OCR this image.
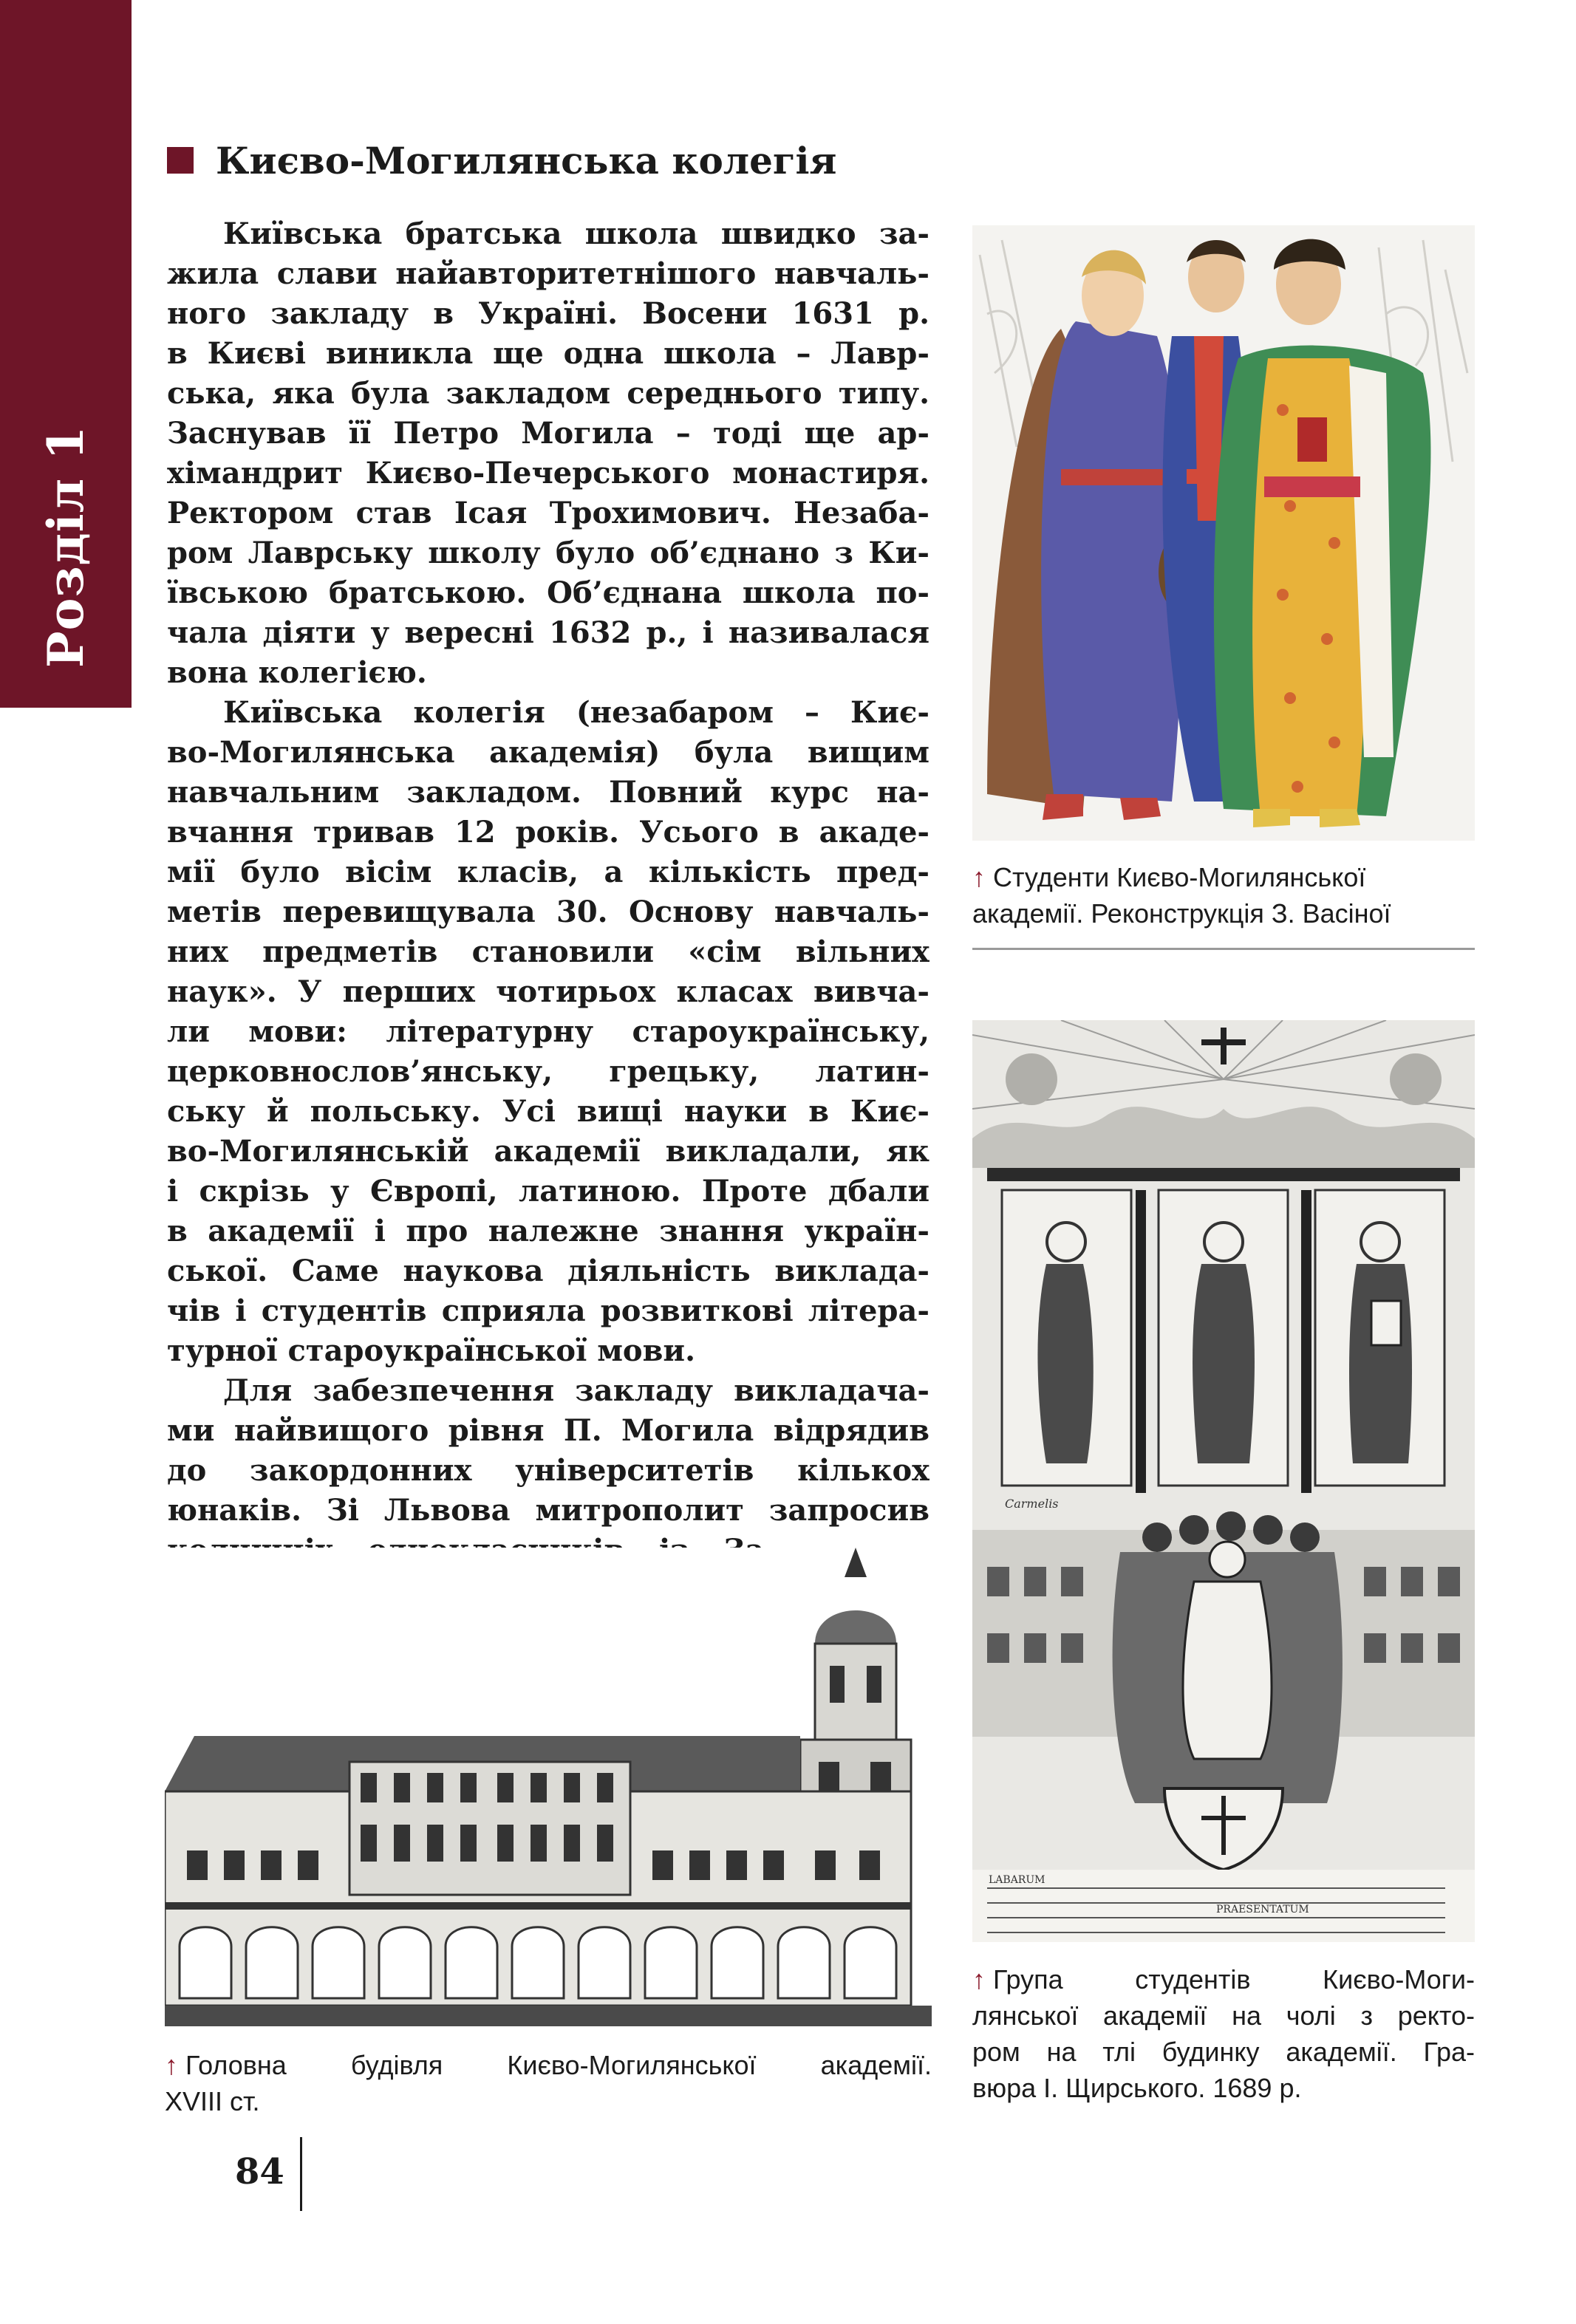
Розділ 1
Києво-Могилянська колегія
Київська братська школа швидко за-
жила слави найавторитетнішого навчаль-
ного закладу в Україні. Восени 1631 р.
в Києві виникла ще одна школа – Лавр-
ська, яка була закладом середнього типу.
Заснував її Петро Могила – тоді ще ар-
хімандрит Києво-Печерського монастиря.
Ректором став Ісая Трохимович. Незаба-
ром Лаврську школу було об’єднано з Ки-
ївською братською. Об’єднана школа по-
чала діяти у вересні 1632 р., і називалася
вона колегією.
Київська колегія (незабаром – Киє-
во-Могилянська академія) була вищим
навчальним закладом. Повний курс на-
вчання тривав 12 років. Усього в акаде-
мії було вісім класів, а кількість пред-
метів перевищувала 30. Основу навчаль-
них предметів становили «сім вільних
наук». У перших чотирьох класах вивча-
ли мови: літературну староукраїнську,
церковнослов’янську, грецьку, латин-
ську й польську. Усі вищі науки в Киє-
во-Могилянській академії викладали, як
і скрізь у Європі, латиною. Проте дбали
в академії і про належне знання україн-
ської. Саме наукова діяльність виклада-
чів і студентів сприяла розвиткові літера-
турної староукраїнської мови.
Для забезпечення закладу викладача-
ми найвищого рівня П. Могила відрядив
до закордонних університетів кількох
юнаків. Зі Львова митрополит запросив
↑ Студенти Києво-Могилянської
академії. Реконструкція З. Васіної
Carmelis
LABARUM
PRAESENTATUM
↑ Група студентів Києво-Моги-
лянської академії на чолі з ректо-
ром на тлі будинку академії. Гра-
вюра І. Щирського. 1689 р.
↑ Головна будівля Києво-Могилянської академії.
XVIII ст.
84
